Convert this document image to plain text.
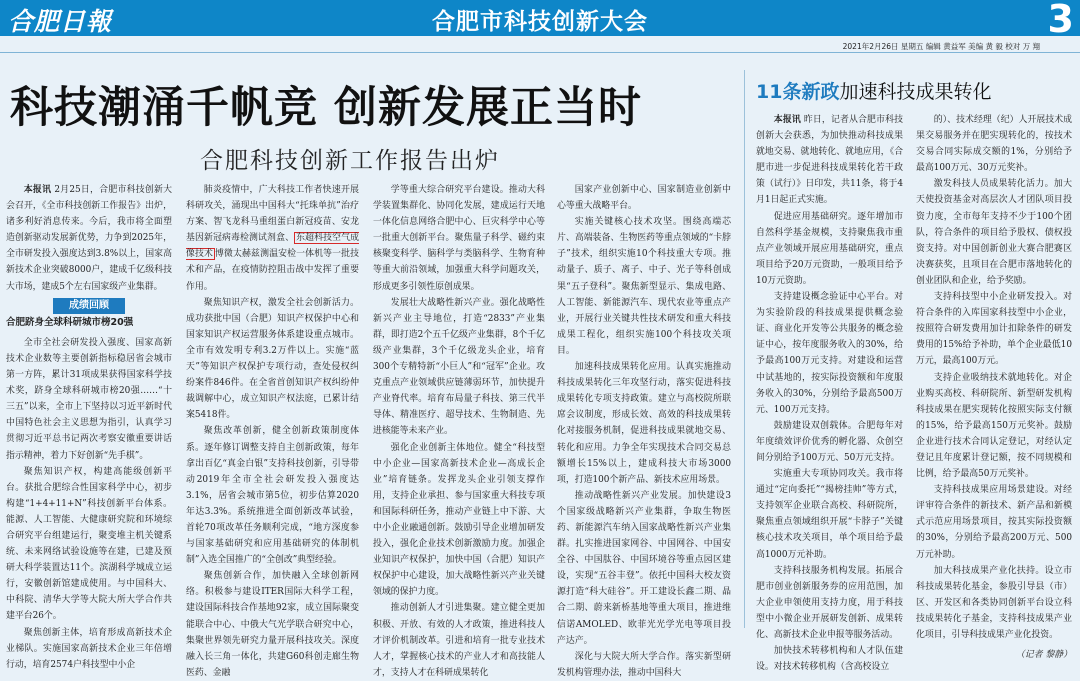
合肥日報	合肥市科技创新大会	3
2021年2月26日 星期五 编辑 黄益军 美编 黄 毅 校对 万 翔
科技潮涌千帆竞 创新发展正当时
合肥科技创新工作报告出炉
11条新政加速科技成果转化

本报讯 2月25日，合肥市科技创新大会召开，《全市科技创新工作报告》出炉，诸多利好消息传来。今后，我市将全面塑造创新驱动发展新优势，力争到2025年，全市研发投入强度达到3.8%以上，国家高新技术企业突破8000户，建成千亿级科技大市场，建成5个左右国家级产业集群。

成绩回顾
合肥跻身全球科研城市榜20强

全市全社会研发投入强度、国家高新技术企业数等主要创新指标稳居省会城市第一方阵，累计31项成果获得国家科学技术奖，跻身全球科研城市榜20强……“十三五”以来，全市上下坚持以习近平新时代中国特色社会主义思想为指引，认真学习贯彻习近平总书记两次考察安徽重要讲话指示精神，着力下好创新“先手棋”。

聚焦知识产权，构建高能级创新平台。获批合肥综合性国家科学中心，初步构建“1+4+11+N”科技创新平台体系。能源、人工智能、大健康研究院和环境综合研究平台组建运行，聚变堆主机关键系统、未来网络试验设施等在建，已建及预研大科学装置达11个。滨湖科学城成立运行，安徽创新馆建成使用。与中国科大、中科院、清华大学等大院大所大学合作共建平台26个。

聚焦创新主体，培育形成高新技术企业梯队。实施国家高新技术企业三年倍增行动，培育2574户科技型中小企

肺炎疫情中，广大科技工作者快速开展科研攻关，涌现出中国科大“托珠单抗”治疗方案、智飞龙科马重组蛋白新冠疫苗、安龙基因新冠病毒检测试剂盒、 东超科技空气成像技术 博微太赫兹测温安检一体机等一批技术和产品，在疫情防控阻击战中发挥了重要作用。

聚焦知识产权，激发全社会创新活力。成功获批中国（合肥）知识产权保护中心和国家知识产权运营服务体系建设重点城市。全市有效发明专利3.2万件以上。实施“蓝天”等知识产权保护专项行动，查处侵权纠纷案件846件。在全省首创知识产权纠纷仲裁调解中心，成立知识产权法庭，已累计结案5418件。

聚焦改革创新，健全创新政策制度体系。逐年修订调整支持自主创新政策，每年拿出百亿“真金白银”支持科技创新，引导带动2019年全市全社会研发投入强度达3.1%，居省会城市第5位，初步估算2020年达3.3%。系统推进全面创新改革试验，首轮70项改革任务顺利完成，“地方深度参与国家基础研究和应用基础研究的体制机制”入选全国推广的“全创改”典型经验。

聚焦创新合作，加快融入全球创新网络。积极参与建设ITER国际大科学工程，建设国际科技合作基地92家，成立国际聚变能联合中心、中俄大气光学联合研究中心，集聚世界领先研究力量开展科技攻关。深度融入长三角一体化，共建G60科创走廊生物医药、金融

学等重大综合研究平台建设。推动大科学装置集群化、协同化发展，建成运行天地一体化信息网络合肥中心、巨灾科学中心等一批重大创新平台。聚焦量子科学、磁约束核聚变科学、脑科学与类脑科学、生物育种等重大前沿领域，加强重大科学问题攻关，形成更多引领性原创成果。

发展壮大战略性新兴产业。强化战略性新兴产业主导地位，打造“2833”产业集群，即打造2个五千亿级产业集群，8个千亿级产业集群，3个千亿级龙头企业，培育300个专精特新“小巨人”和“冠军”企业。攻克重点产业领域供应链薄弱环节，加快提升产业脊代率。培育布局量子科技、第三代半导体、精准医疗、超导技术、生物制造、先进核能等未来产业。

强化企业创新主体地位。健全“科技型中小企业—国家高新技术企业—高成长企业”培育链条。发挥龙头企业引领支撑作用，支持企业承担、参与国家重大科技专项和国际科研任务，推动产业链上中下游、大中小企业融通创新。鼓励引导企业增加研发投入，强化企业技术创新激励力度。加强企业知识产权保护，加快中国（合肥）知识产权保护中心建设，加大战略性新兴产业关键领域的保护力度。

推动创新人才引进集聚。建立健全更加积极、开放、有效的人才政策，推进科技人才评价机制改革。引进和培育一批专业技术人才，掌握核心技术的产业人才和高技能人才，支持人才在科研成果转化

国家产业创新中心、国家制造业创新中心等重大战略平台。

实施关键核心技术攻坚。围绕高端芯片、高端装备、生物医药等重点领域的“卡脖子”技术，组织实施10个科技重大专项。推动量子、质子、离子、中子、光子等科创成果“五子登科”。聚焦新型显示、集成电路、人工智能、新能源汽车、现代农业等重点产业，开展行业关键共性技术研发和重大科技成果工程化，组织实施100个科技攻关项目。

加速科技成果转化应用。认真实施推动科技成果转化三年攻坚行动，落实促进科技成果转化专项支持政策。建立与高校院所联席会议制度，形成长效、高效的科技成果转化对接服务机制，促进科技成果就地交易、转化和应用。力争全年实现技术合同交易总额增长15%以上，建成科技大市场3000项，打造100个新产品、新技术应用场景。

推动战略性新兴产业发展。加快建设3个国家级战略新兴产业集群，争取生物医药、新能源汽车纳入国家战略性新兴产业集群。扎实推进国家网谷、中国网谷、中国安全谷、中国肽谷、中国环境谷等重点园区建设，实现“五谷丰登”。依托中国科大校友资源打造“科大硅谷”。开工建设长鑫二期、晶合二期、蔚来新桥基地等重大项目，推进维信诺AMOLED、欧菲光光学光电等项目投产达产。

深化与大院大所大学合作。落实新型研发机构管理办法，推动中国科大

本报讯 昨日，记者从合肥市科技创新大会获悉，为加快推动科技成果就地交易、就地转化、就地应用，《合肥市进一步促进科技成果转化若干政策（试行）》日印发，共11条，将于4月1日起正式实施。

促进应用基础研究。逐年增加市自然科学基金规模，支持聚焦我市重点产业领域开展应用基础研究，重点项目给予20万元资助，一般项目给予10万元资助。

支持建设概念验证中心平台。对为实验阶段的科技成果提供概念验证、商业化开发等公共服务的概念验证中心，按年度服务收入的30%，给予最高100万元支持。对建设和运营中试基地的，按实际投资额和年度服务收入的30%，分别给予最高500万元、100万元支持。

鼓励建设双创载体。合肥每年对年度绩效评价优秀的孵化器、众创空间分别给予100万元、50万元支持。

实施重大专项协同攻关。我市将通过“定向委托”“揭榜挂帅”等方式，支持领军企业联合高校、科研院所，聚焦重点领域组织开展“卡脖子”关键核心技术攻关项目，单个项目给予最高1000万元补助。

支持科技服务机构发展。拓展合肥市创业创新服务券的应用范围，加大企业申领使用支持力度，用于科技型中小微企业开展研发创新、成果转化、高新技术企业申报等服务活动。

加快技术转移机构和人才队伍建设。对技术转移机构（含高校设立

的）、技术经理（纪）人开展技术成果交易服务并在肥实现转化的，按技术交易合同实际成交额的1%，分别给予最高100万元、30万元奖补。

激发科技人员成果转化活力。加大天使投资基金对高层次人才团队项目投资力度，全市每年支持不少于100个团队，符合条件的项目给予股权、债权投资支持。对中国创新创业大赛合肥赛区决赛获奖，且项目在合肥市落地转化的创业团队和企业，给予奖励。

支持科技型中小企业研发投入。对符合条件的入库国家科技型中小企业，按照符合研发费用加计扣除条件的研发费用的15%给予补助，单个企业最低10万元，最高100万元。

支持企业吸纳技术就地转化。对企业购买高校、科研院所、新型研发机构科技成果在肥实现转化按照实际支付额的15%，给予最高150万元奖补。鼓励企业进行技术合同认定登记，对经认定登记且年度累计登记额，按不同规模和比例，给予最高50万元奖补。

支持科技成果应用场景建设。对经评审符合条件的新技术、新产品和新模式示范应用场景项目，按其实际投资额的30%，分别给予最高200万元、500万元补助。

加大科技成果产业化扶持。设立市科技成果转化基金，参股引导县（市）区、开发区和各类协同创新平台设立科技成果转化子基金，支持科技成果产业化项目，引导科技成果产业化投资。

（记者 黎静）
